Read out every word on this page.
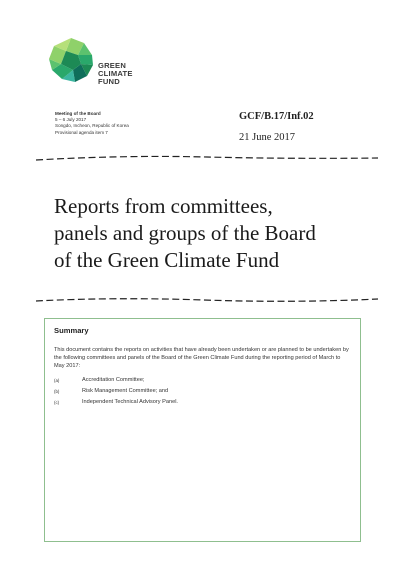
GREEN
CLIMATE
FUND
Meeting of the Board
5 – 6 July 2017
Songdo, Incheon, Republic of Korea
Provisional agenda item 7
GCF/B.17/Inf.02
21 June 2017
Reports from committees,
panels and groups of the Board
of the Green Climate Fund
Summary
This document contains the reports on activities that have already been undertaken or are planned to be undertaken by the following committees and panels of the Board of the Green Climate Fund during the reporting period of March to May 2017:
(a)	Accreditation Committee;
(b)	Risk Management Committee; and
(c)	Independent Technical Advisory Panel.
